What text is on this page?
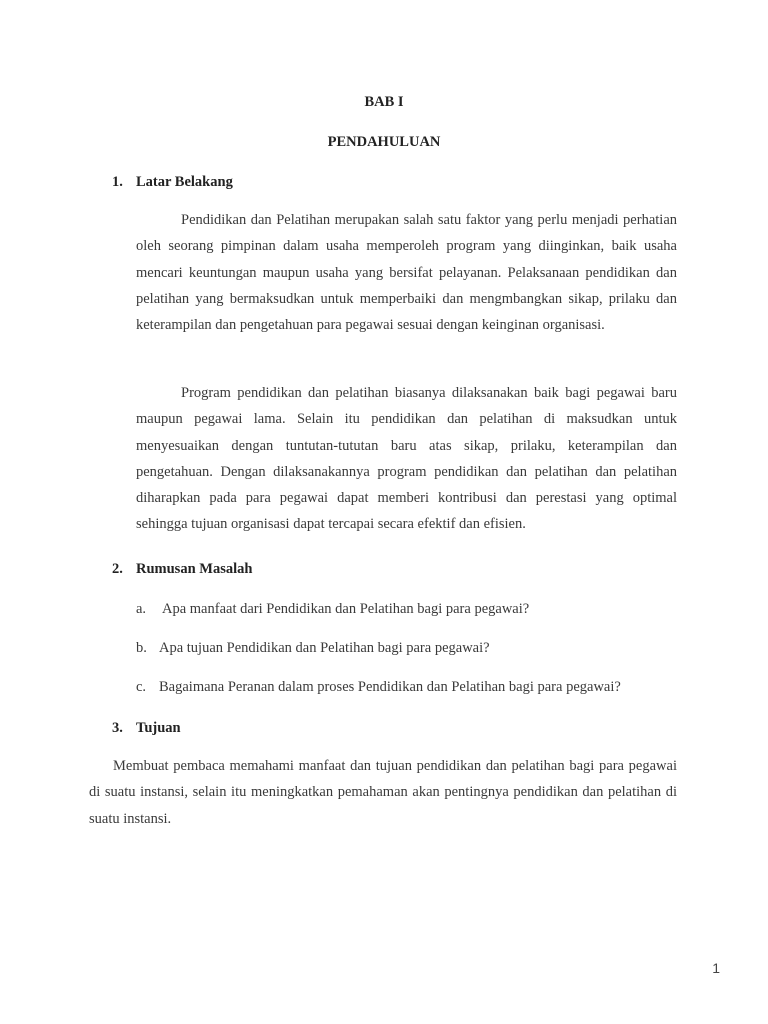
BAB I
PENDAHULUAN
1. Latar Belakang

Pendidikan dan Pelatihan merupakan salah satu faktor yang perlu menjadi perhatian oleh seorang pimpinan dalam usaha memperoleh program yang diinginkan, baik usaha mencari keuntungan maupun usaha yang bersifat pelayanan. Pelaksanaan pendidikan dan pelatihan yang bermaksudkan untuk memperbaiki dan mengmbangkan sikap, prilaku dan keterampilan dan pengetahuan para pegawai sesuai dengan keinginan organisasi.

Program pendidikan dan pelatihan biasanya dilaksanakan baik bagi pegawai baru maupun pegawai lama. Selain itu pendidikan dan pelatihan di maksudkan untuk menyesuaikan dengan tuntutan-tututan baru atas sikap, prilaku, keterampilan dan pengetahuan. Dengan dilaksanakannya program pendidikan dan pelatihan dan pelatihan diharapkan pada para pegawai dapat memberi kontribusi dan perestasi yang optimal sehingga tujuan organisasi dapat tercapai secara efektif dan efisien.

2. Rumusan Masalah
a. Apa manfaat dari Pendidikan dan Pelatihan bagi para pegawai?
b. Apa tujuan Pendidikan dan Pelatihan bagi para pegawai?
c. Bagaimana Peranan dalam proses Pendidikan dan Pelatihan bagi para pegawai?
3. Tujuan

Membuat pembaca memahami manfaat dan tujuan pendidikan dan pelatihan bagi para pegawai di suatu instansi, selain itu meningkatkan pemahaman akan pentingnya pendidikan dan pelatihan di suatu instansi.

1
